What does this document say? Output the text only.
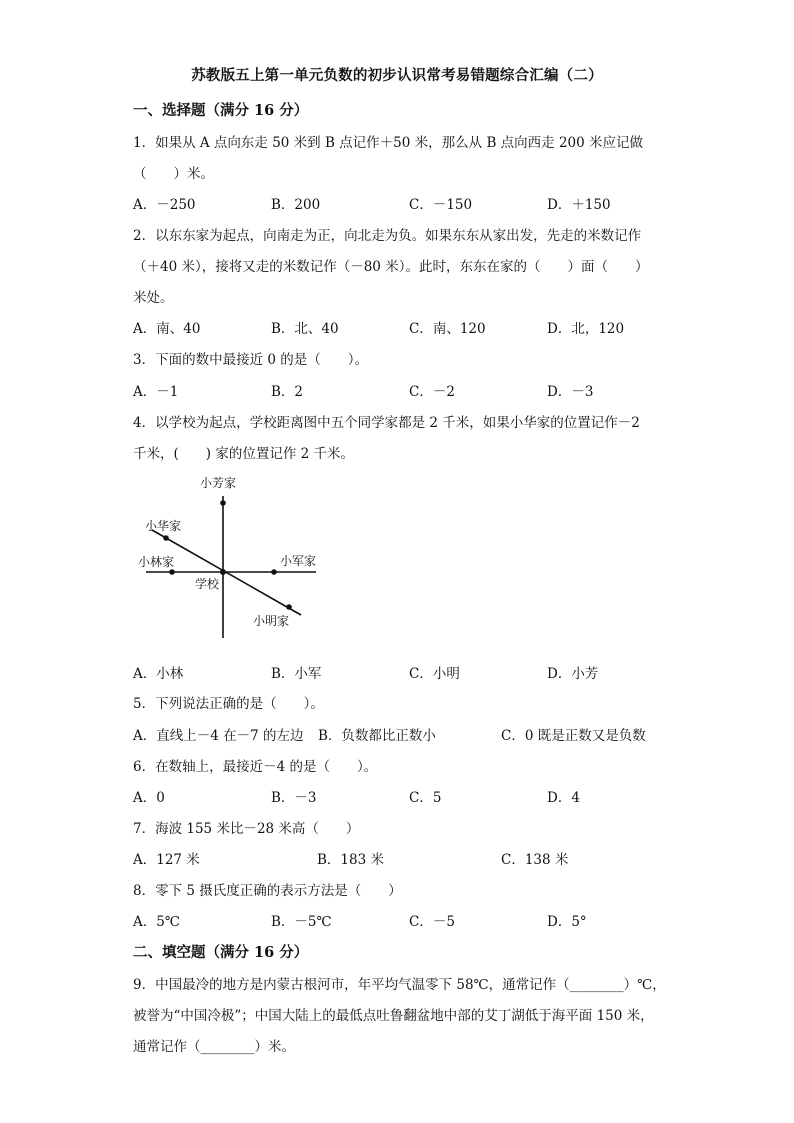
苏教版五上第一单元负数的初步认识常考易错题综合汇编（二）
一、选择题（满分 16 分）
1．如果从 A 点向东走 50 米到 B 点记作＋50 米，那么从 B 点向西走 200 米应记做
（　　）米。
A．－250	B．200	C．－150	D．＋150
2．以东东家为起点，向南走为正，向北走为负。如果东东从家出发，先走的米数记作
（＋40 米），接将又走的米数记作（－80 米）。此时，东东在家的（　　）面（　　）
米处。
A．南、40	B．北、40	C．南、120	D．北，120
3．下面的数中最接近 0 的是（　　）。
A．－1	B．2	C．－2	D．－3
4．以学校为起点，学校距离图中五个同学家都是 2 千米，如果小华家的位置记作－2
千米，(　　) 家的位置记作 2 千米。
小芳家
小华家
小林家	小军家
学校
小明家
A．小林	B．小军	C．小明	D．小芳
5．下列说法正确的是（　　）。
A．直线上－4 在－7 的左边 B．负数都比正数小	C．0 既是正数又是负数
6．在数轴上，最接近－4 的是（　　）。
A．0	B．－3	C．5	D．4
7．海波 155 米比－28 米高（　　）
A．127 米	B．183 米	C．138 米
8．零下 5 摄氏度正确的表示方法是（　　）
A．5℃	B．－5℃	C．－5	D．5°
二、填空题（满分 16 分）
9．中国最冷的地方是内蒙古根河市，年平均气温零下 58℃，通常记作（________）℃，
被誉为“中国冷极”；中国大陆上的最低点吐鲁翻盆地中部的艾丁湖低于海平面 150 米，
通常记作（________）米。
